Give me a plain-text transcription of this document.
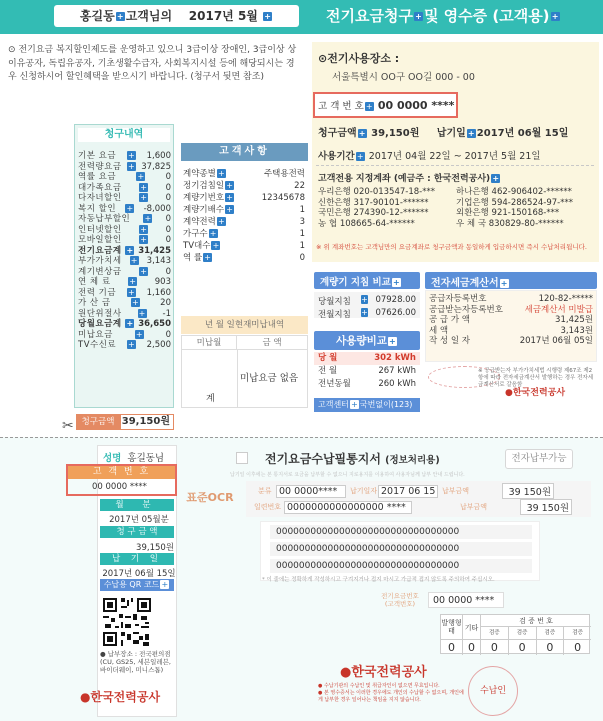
홍길동 + 고객님의 2017년 5월 +	전기요금청구 + 및 영수증 (고객용)+
⊙ 전기요금 복지할인제도를 운영하고 있으니 3급이상 장애인, 3급이상 상이유공자, 독립유공자, 기초생활수급자, 사회복지시설 등에 해당되시는 경우 신청하시어 할인혜택을 받으시기 바랍니다. (청구서 뒷면 참조)
⊙전기사용장소 :
서울특별시 OO구 OO길 000 - 00
고 객 번 호 + 00 0000 ****
청구금액 + 39,150원 납기일 + 2017년 06월 15일
사용기간 + 2017년 04월 22일 ~ 2017년 5월 21일
고객전용 지정계좌 (예금주 : 한국전력공사)+
우리은행 020-013547-18-***	하나은행 462-906402-******
신한은행 317-90101-******	기업은행 594-286524-97-***
국민은행 274390-12-******	외환은행 921-150168-***
농 협 108665-64-******	우 체 국 830829-80-******
※ 위 계좌번호는 고객님만의 요금계좌로 청구금액과 동일하게 입금하시면 즉시 수납처리됩니다.
청구내역
기본 요금 +	1,600
전력량요금 + 37,825
역률 요금 +	0
대가족요금 +	0
다자녀할인 +	0
복지 할인 +	-8,000
자동납부할인 +	0
인터넷할인 +	0
모바일할인 +	0
전기요금계 + 31,425
부가가치세 +	3,143
계기변상금 +	0
연 체 료 +	903
전력 기금 +	1,160
가 산 금 +	20
원단위절사 +	-1
당월요금계 + 36,650
미납요금 +	0
TV수신료 +	2,500
청구금액 39,150원
고객사항
계약종별 +	주택용전력
정기검침일 +	22
계량기번호 +	12345678
계량기배수 +	1
계약전력 +	3
가구수 +	1
TV대수 +	1
역 률 +	0
년 월 일현재미납내역
미납월	금 액
미납요금 없음
계
계량기 지침 비교+
당월지침 +	07928.00
전월지침 +	07626.00
사용량비교+
당 월	302 kWh
전 월	267 kWh
전년동월	260 kWh
전자세금계산서+
공급자등록번호	120-82-*****
공급받는자등록번호	세금계산서 미발급
공 급 가 액	31,425원
세 액	3,143원
작 성 일 자	2017년 06월 05일
※ 공급받는자 부가가치세법 시행령 제67조 제2항에 따라 전자세금계산서 발행하는 경우 전자세금계산서로 갈음함
●한국전력공사
고객센터 + 국번없이(123)
✂
성명 홍길동님
고 객 번 호
00 0000 ****
월 분
2017년 05월분
청 구 금 액
39,150원
납 기 일
2017년 06월 15일
수납용 QR 코드+
● 납부장소 : 전국편의점 (CU, GS25, 세븐일레븐, 바이더웨이, 미니스톱)
●한국전력공사
전기요금수납필통지서 (정보처리용)	전자납부가능
납기일 이후에는 본 통지서로 요금을 납부할 수 없으니 지로용지를 이용하여 사용자님께 납부 안내 드립니다.
표준OCR	분류 00 0000****	납기일자 2017 06 15 납부금액	39 150원
일련번호 0000000000000000 ****	납부금액	39 150원
00000000000000000000000000000000
00000000000000000000000000000000
00000000000000000000000000000000
* 이 줄에는 정확하게 작성하시고 구겨지거나 접지 마시고 가급적 접지 않도록 주의하여 주십시오.
전기요금번호 (고객번호)	00 0000 ****
발행형태	기타
검 증 번 호
검증	검증	검증	검증
0	0	0	0	0	0
●한국전력공사
● 수납기관의 수납인 및 취급자인이 없으면 무효입니다.
● 본 영수증서는 이러한 경우에도 개인의 수납할 수 없으며, 개인에게 납부한 경우 일어나는 책임을 지지 않습니다.
수납인
